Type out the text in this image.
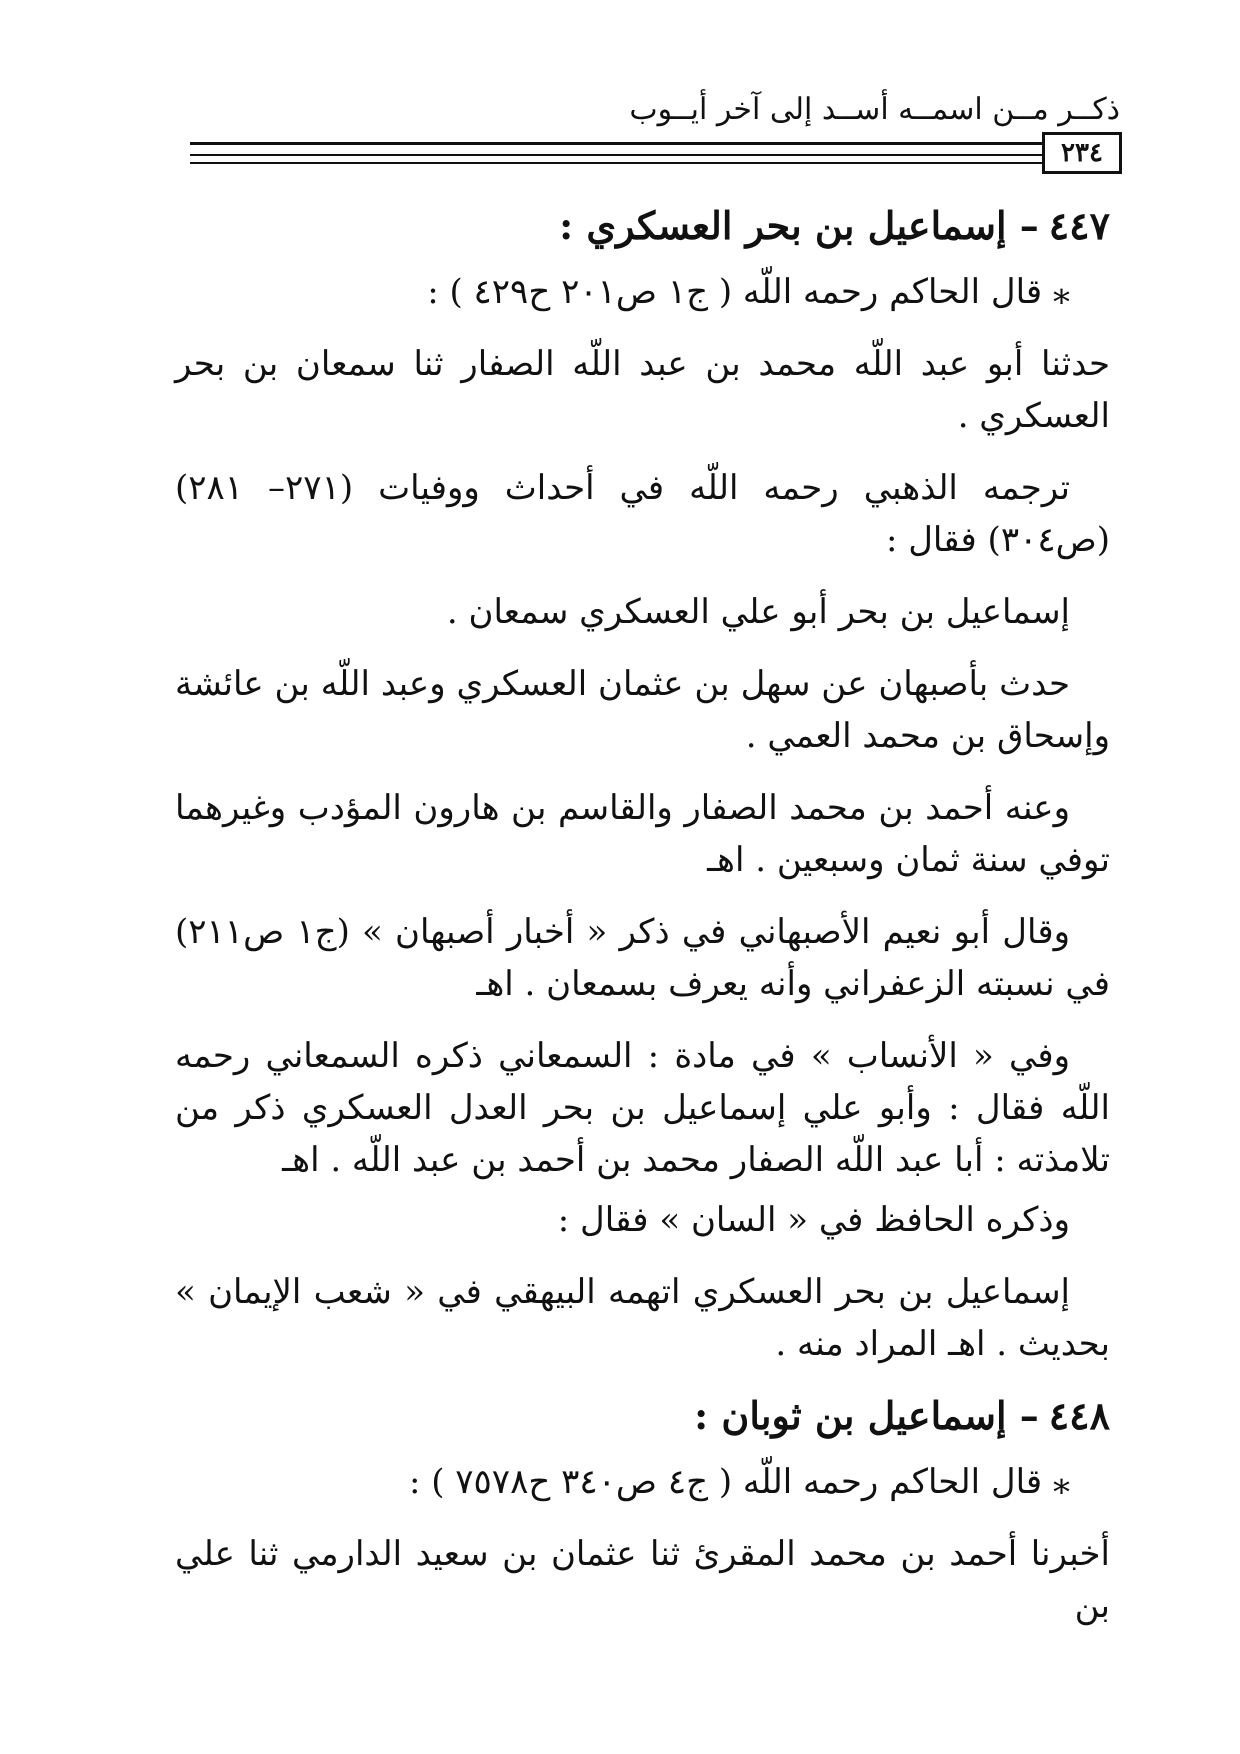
ذكــر مــن اسمــه أســد إلى آخر أيــوب
٢٣٤
٤٤٧– إسماعيل بن بحر العسكري :

⁎ قال الحاكم رحمه اللّه ( ج١ ص٢٠١ ح٤٢٩ ) :

حدثنا أبو عبد اللّه محمد بن عبد اللّه الصفار ثنا سمعان بن بحر العسكري .

ترجمه الذهبي رحمه اللّه في أحداث ووفيات (٢٧١– ٢٨١) (ص٣٠٤) فقال :

إسماعيل بن بحر أبو علي العسكري سمعان .

حدث بأصبهان عن سهل بن عثمان العسكري وعبد اللّه بن عائشة وإسحاق بن محمد العمي .

وعنه أحمد بن محمد الصفار والقاسم بن هارون المؤدب وغيرهما توفي سنة ثمان وسبعين . اهـ

وقال أبو نعيم الأصبهاني في ذكر « أخبار أصبهان » (ج١ ص٢١١) في نسبته الزعفراني وأنه يعرف بسمعان . اهـ

وفي « الأنساب » في مادة : السمعاني ذكره السمعاني رحمه اللّه فقال : وأبو علي إسماعيل بن بحر العدل العسكري ذكر من تلامذته : أبا عبد اللّه الصفار محمد بن أحمد بن عبد اللّه . اهـ

وذكره الحافظ في « السان » فقال :

إسماعيل بن بحر العسكري اتهمه البيهقي في « شعب الإيمان » بحديث . اهـ المراد منه .

٤٤٨– إسماعيل بن ثوبان :

⁎ قال الحاكم رحمه اللّه ( ج٤ ص٣٤٠ ح٧٥٧٨ ) :

أخبرنا أحمد بن محمد المقرئ ثنا عثمان بن سعيد الدارمي ثنا علي بن
